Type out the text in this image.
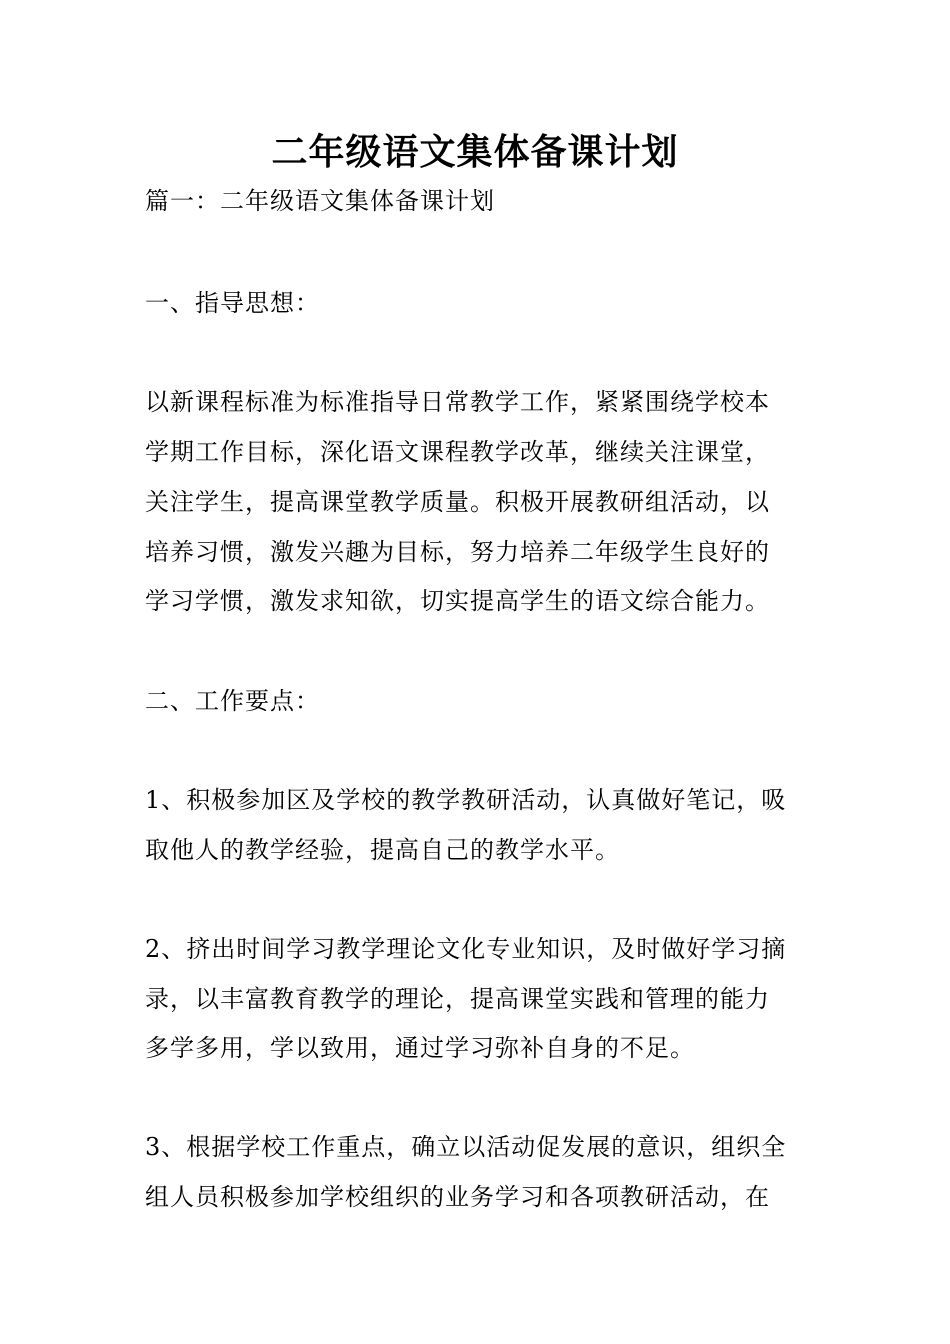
二年级语文集体备课计划
篇一：二年级语文集体备课计划
一、指导思想：
以新课程标准为标准指导日常教学工作，紧紧围绕学校本
学期工作目标，深化语文课程教学改革，继续关注课堂，
关注学生，提高课堂教学质量。积极开展教研组活动，以
培养习惯，激发兴趣为目标，努力培养二年级学生良好的
学习学惯，激发求知欲，切实提高学生的语文综合能力。
二、工作要点：
1、积极参加区及学校的教学教研活动，认真做好笔记，吸
取他人的教学经验，提高自己的教学水平。
2、挤出时间学习教学理论文化专业知识，及时做好学习摘
录，以丰富教育教学的理论，提高课堂实践和管理的能力
多学多用，学以致用，通过学习弥补自身的不足。
3、根据学校工作重点，确立以活动促发展的意识，组织全
组人员积极参加学校组织的业务学习和各项教研活动，在
